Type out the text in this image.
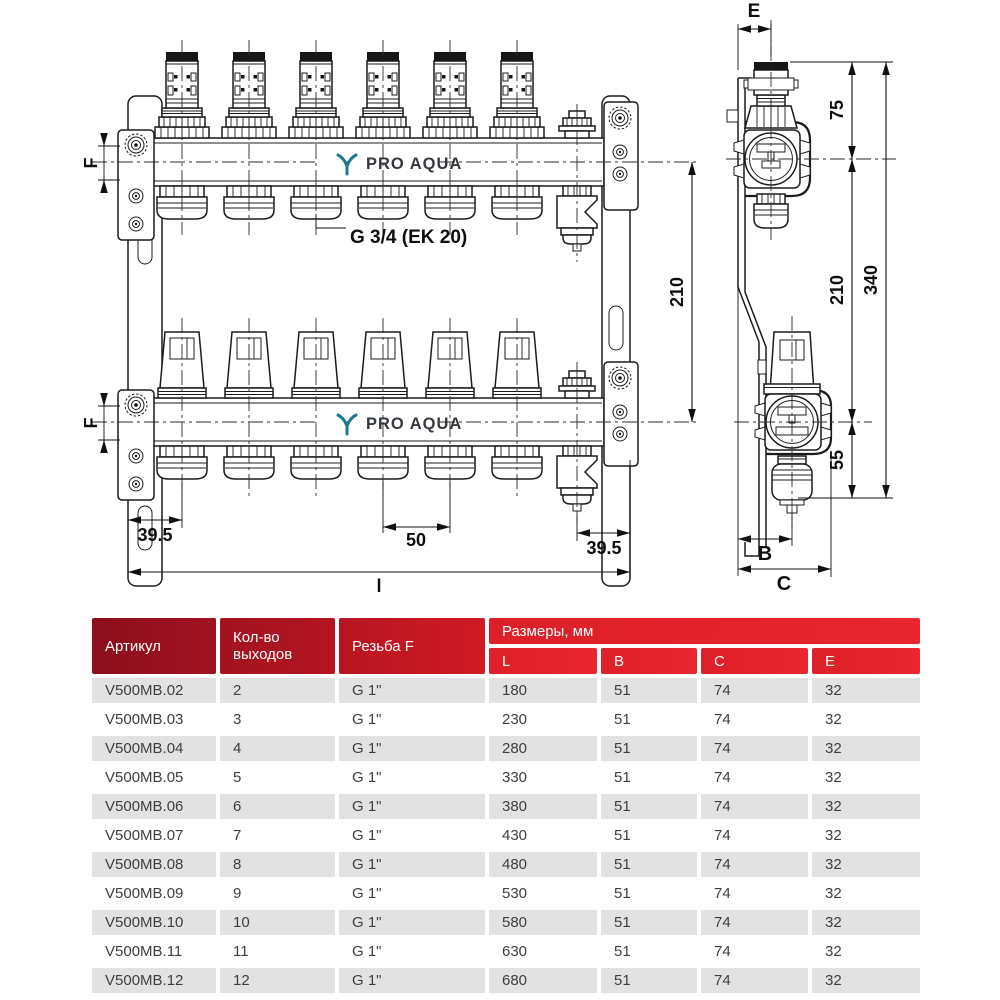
PRO AQUA
PRO AQUA
F
F
G 3/4 (EK 20)
210
39.5	50	39.5
l
E
75
210
55
340
B
C
Артикул	Кол-во выходов	Резьба F
Размеры, мм
L	B	C	E
V500MB.02	2	G 1"	180	51	74	32
V500MB.03	3	G 1"	230	51	74	32
V500MB.04	4	G 1"	280	51	74	32
V500MB.05	5	G 1"	330	51	74	32
V500MB.06	6	G 1"	380	51	74	32
V500MB.07	7	G 1"	430	51	74	32
V500MB.08	8	G 1"	480	51	74	32
V500MB.09	9	G 1"	530	51	74	32
V500MB.10	10	G 1"	580	51	74	32
V500MB.11	11	G 1"	630	51	74	32
V500MB.12	12	G 1"	680	51	74	32
